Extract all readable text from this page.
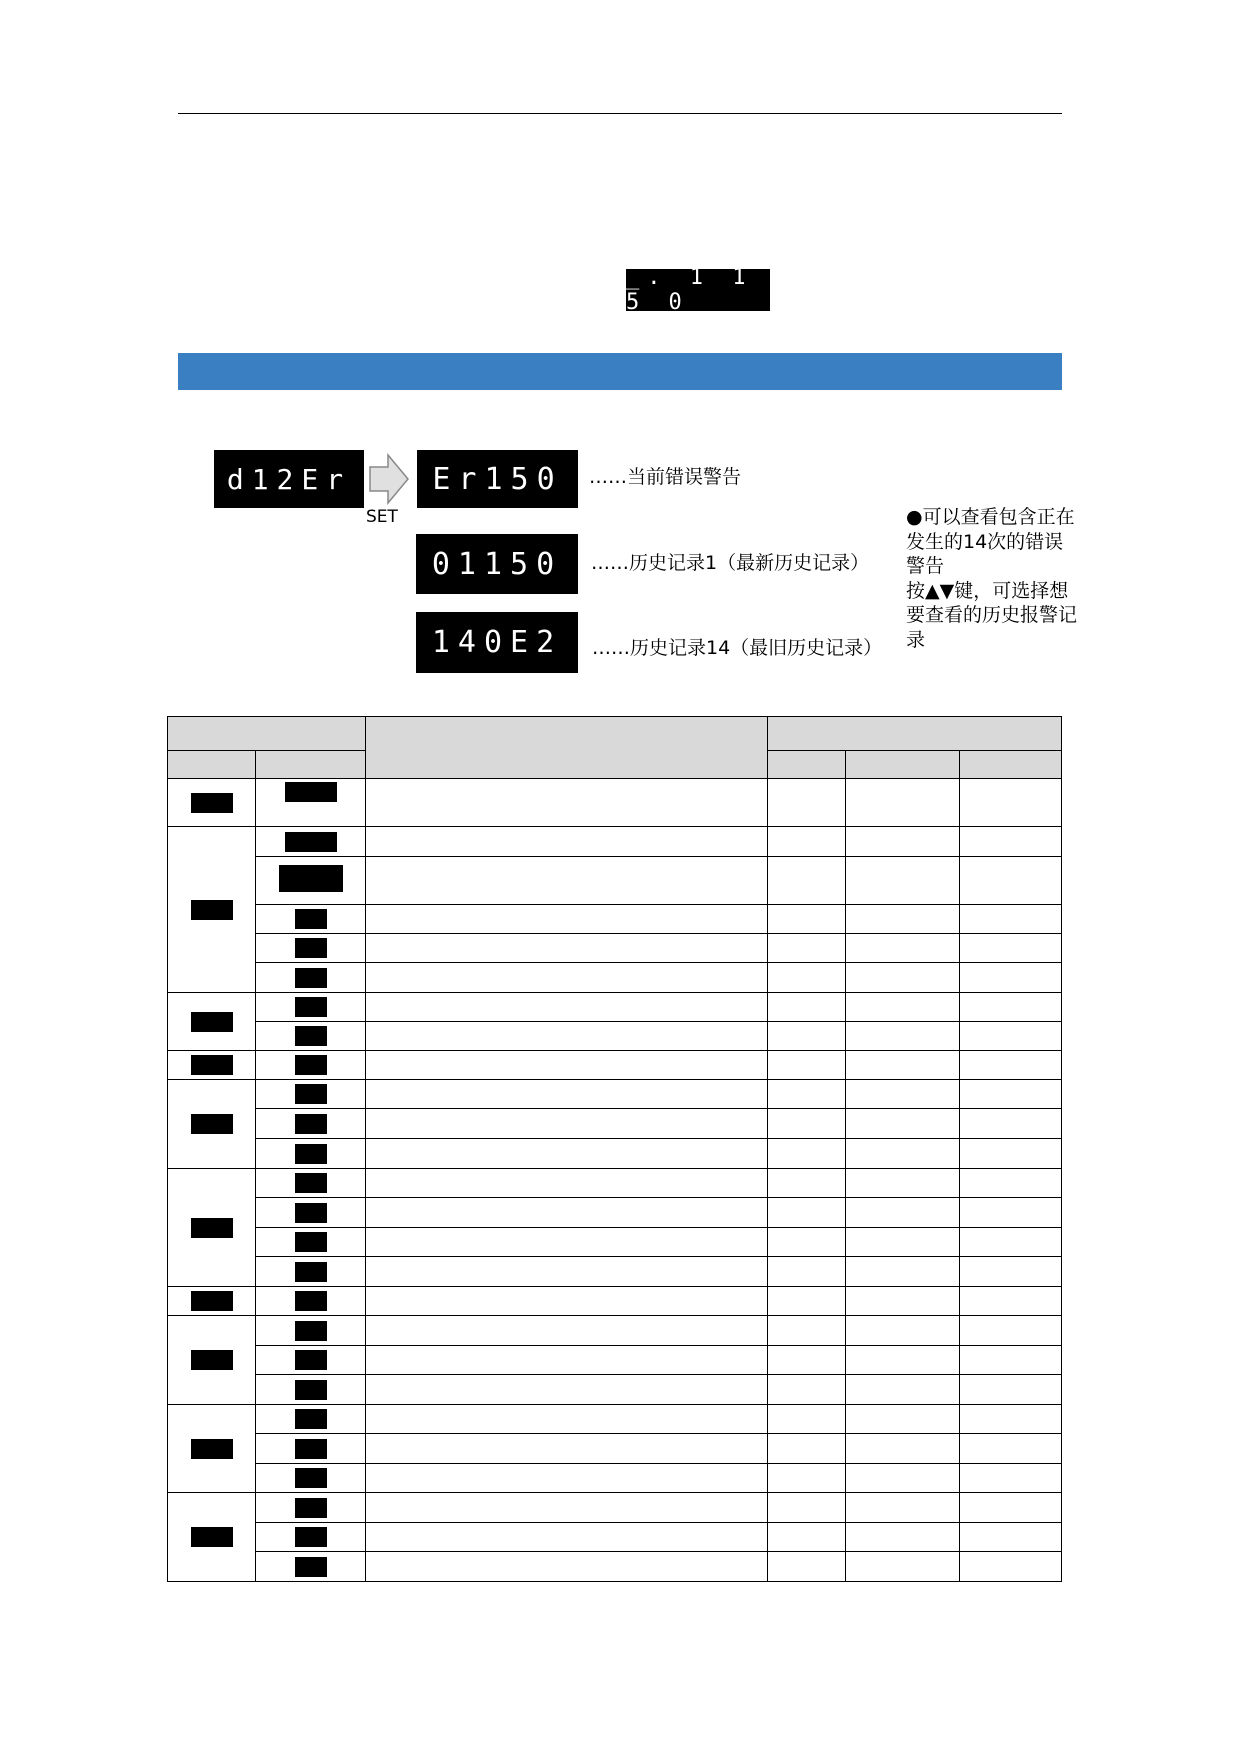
_. 1 1 5 0
d12Er
SET
Er150 ……当前错误警告
01150 ……历史记录1（最新历史记录）
140E2 ……历史记录14（最旧历史记录）
●可以查看包含正在发生的14次的错误警告
按▲▼键，可选择想要查看的历史报警记录
